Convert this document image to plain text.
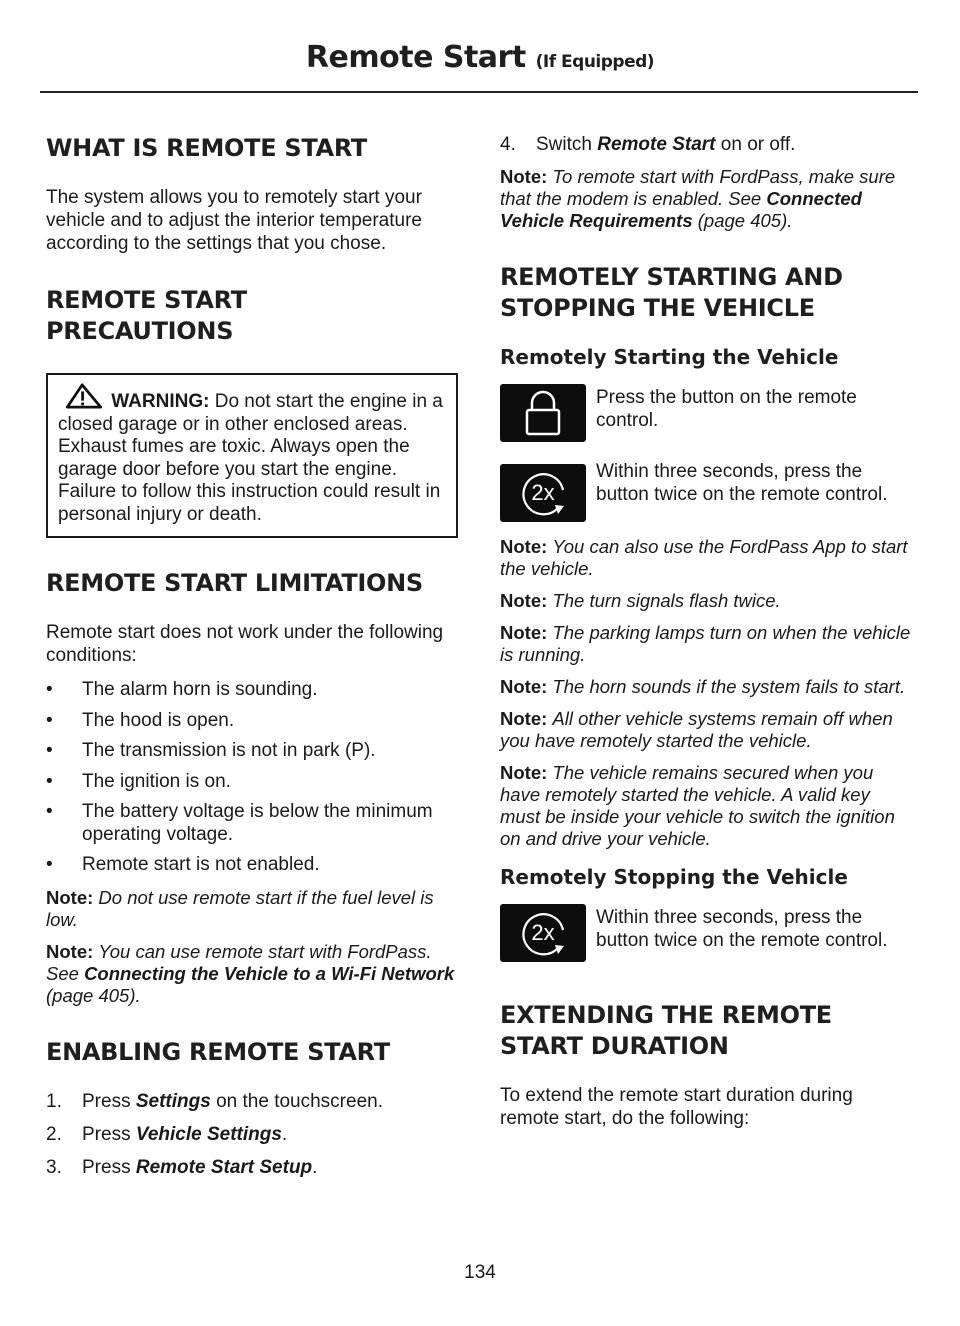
Remote Start (If Equipped)
WHAT IS REMOTE START

The system allows you to remotely start your vehicle and to adjust the interior temperature according to the settings that you chose.

REMOTE START
PRECAUTIONS
WARNING: Do not start the engine in a closed garage or in other enclosed areas. Exhaust fumes are toxic. Always open the garage door before you start the engine. Failure to follow this instruction could result in personal injury or death.
REMOTE START LIMITATIONS

Remote start does not work under the following conditions:

• The alarm horn is sounding.
• The hood is open.
• The transmission is not in park (P).
• The ignition is on.
• The battery voltage is below the minimum operating voltage.
• Remote start is not enabled.
Note: Do not use remote start if the fuel level is low.
Note: You can use remote start with FordPass. See Connecting the Vehicle to a Wi-Fi Network (page 405).
ENABLING REMOTE START
1. Press Settings on the touchscreen.
2. Press Vehicle Settings.
3. Press Remote Start Setup.
4. Switch Remote Start on or off.
Note: To remote start with FordPass, make sure that the modem is enabled. See Connected Vehicle Requirements (page 405).
REMOTELY STARTING AND
STOPPING THE VEHICLE
Remotely Starting the Vehicle
Press the button on the remote control.
2x
Within three seconds, press the button twice on the remote control.
Note: You can also use the FordPass App to start the vehicle.
Note: The turn signals flash twice.
Note: The parking lamps turn on when the vehicle is running.
Note: The horn sounds if the system fails to start.
Note: All other vehicle systems remain off when you have remotely started the vehicle.
Note: The vehicle remains secured when you have remotely started the vehicle. A valid key must be inside your vehicle to switch the ignition on and drive your vehicle.
Remotely Stopping the Vehicle
2x
Within three seconds, press the button twice on the remote control.
EXTENDING THE REMOTE
START DURATION

To extend the remote start duration during remote start, do the following:

134
